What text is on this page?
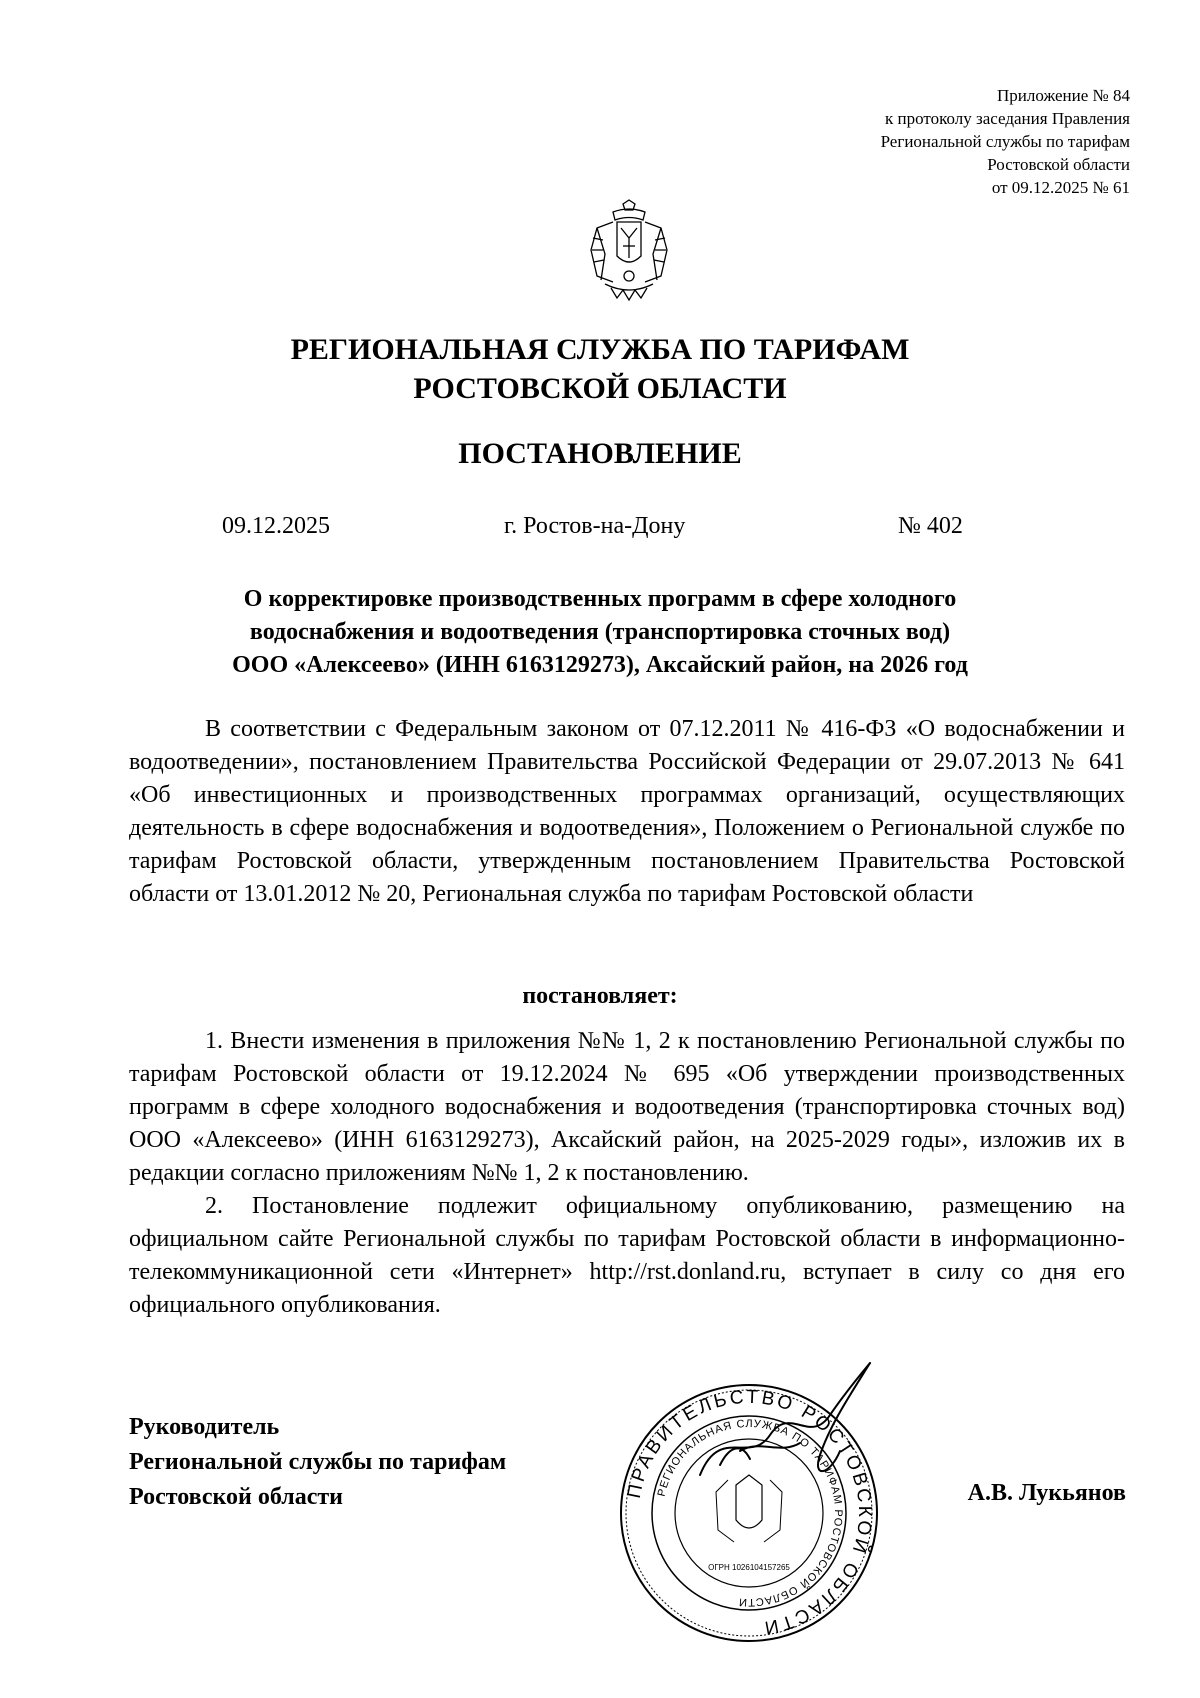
Приложение № 84
к протоколу заседания Правления
Региональной службы по тарифам
Ростовской области
от 09.12.2025 № 61
РЕГИОНАЛЬНАЯ СЛУЖБА ПО ТАРИФАМ
РОСТОВСКОЙ ОБЛАСТИ
ПОСТАНОВЛЕНИЕ
09.12.2025	г. Ростов-на-Дону	№ 402
О корректировке производственных программ в сфере холодного
водоснабжения и водоотведения (транспортировка сточных вод)
ООО «Алексеево» (ИНН 6163129273), Аксайский район, на 2026 год

В соответствии с Федеральным законом от 07.12.2011 № 416-ФЗ «О водоснабжении и водоотведении», постановлением Правительства Российской Федерации от 29.07.2013 № 641 «Об инвестиционных и производственных программах организаций, осуществляющих деятельность в сфере водоснабжения и водоотведения», Положением о Региональной службе по тарифам Ростовской области, утвержденным постановлением Правительства Ростовской области от 13.01.2012 № 20, Региональная служба по тарифам Ростовской области

постановляет:

1. Внести изменения в приложения №№ 1, 2 к постановлению Региональной службы по тарифам Ростовской области от 19.12.2024 № 695 «Об утверждении производственных программ в сфере холодного водоснабжения и водоотведения (транспортировка сточных вод) ООО «Алексеево» (ИНН 6163129273), Аксайский район, на 2025-2029 годы», изложив их в редакции согласно приложениям №№ 1, 2 к постановлению.

2. Постановление подлежит официальному опубликованию, размещению на официальном сайте Региональной службы по тарифам Ростовской области в информационно-телекоммуникационной сети «Интернет» http://rst.donland.ru, вступает в силу со дня его официального опубликования.

Руководитель
Региональной службы по тарифам
Ростовской области	ПРАВИТЕЛЬСТВО РОСТОВСКОЙ ОБЛАСТИ
РЕГИОНАЛЬНАЯ СЛУЖБА ПО ТАРИФАМ РОСТОВСКОЙ ОБЛАСТИ
ОГРН 1026104157265
А.В. Лукьянов
